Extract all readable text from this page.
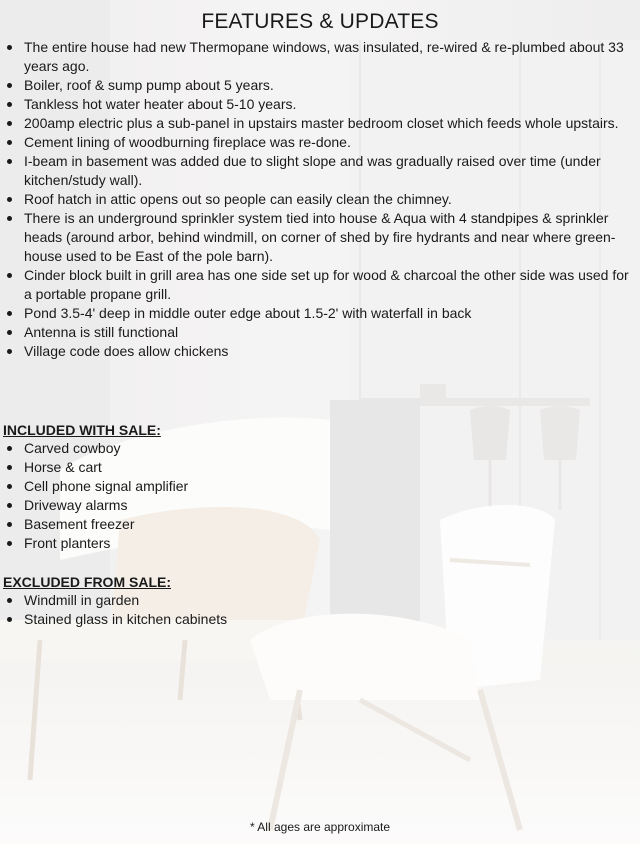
FEATURES & UPDATES
The entire house had new Thermopane windows, was insulated, re-wired & re-plumbed about 33 years ago.
Boiler, roof & sump pump about 5 years.
Tankless hot water heater about 5-10 years.
200amp electric plus a sub-panel in upstairs master bedroom closet which feeds whole upstairs.
Cement lining of woodburning fireplace was re-done.
I-beam in basement was added due to slight slope and was gradually raised over time (under kitchen/study wall).
Roof hatch in attic opens out so people can easily clean the chimney.
There is an underground sprinkler system tied into house & Aqua with 4 standpipes & sprinkler heads (around arbor, behind windmill, on corner of shed by fire hydrants and near where green-house used to be East of the pole barn).
Cinder block built in grill area has one side set up for wood & charcoal the other side was used for a portable propane grill.
Pond 3.5-4' deep in middle outer edge about 1.5-2' with waterfall in back
Antenna is still functional
Village code does allow chickens
INCLUDED WITH SALE:
Carved cowboy
Horse & cart
Cell phone signal amplifier
Driveway alarms
Basement freezer
Front planters
EXCLUDED FROM SALE:
Windmill in garden
Stained glass in kitchen cabinets
* All ages are approximate
